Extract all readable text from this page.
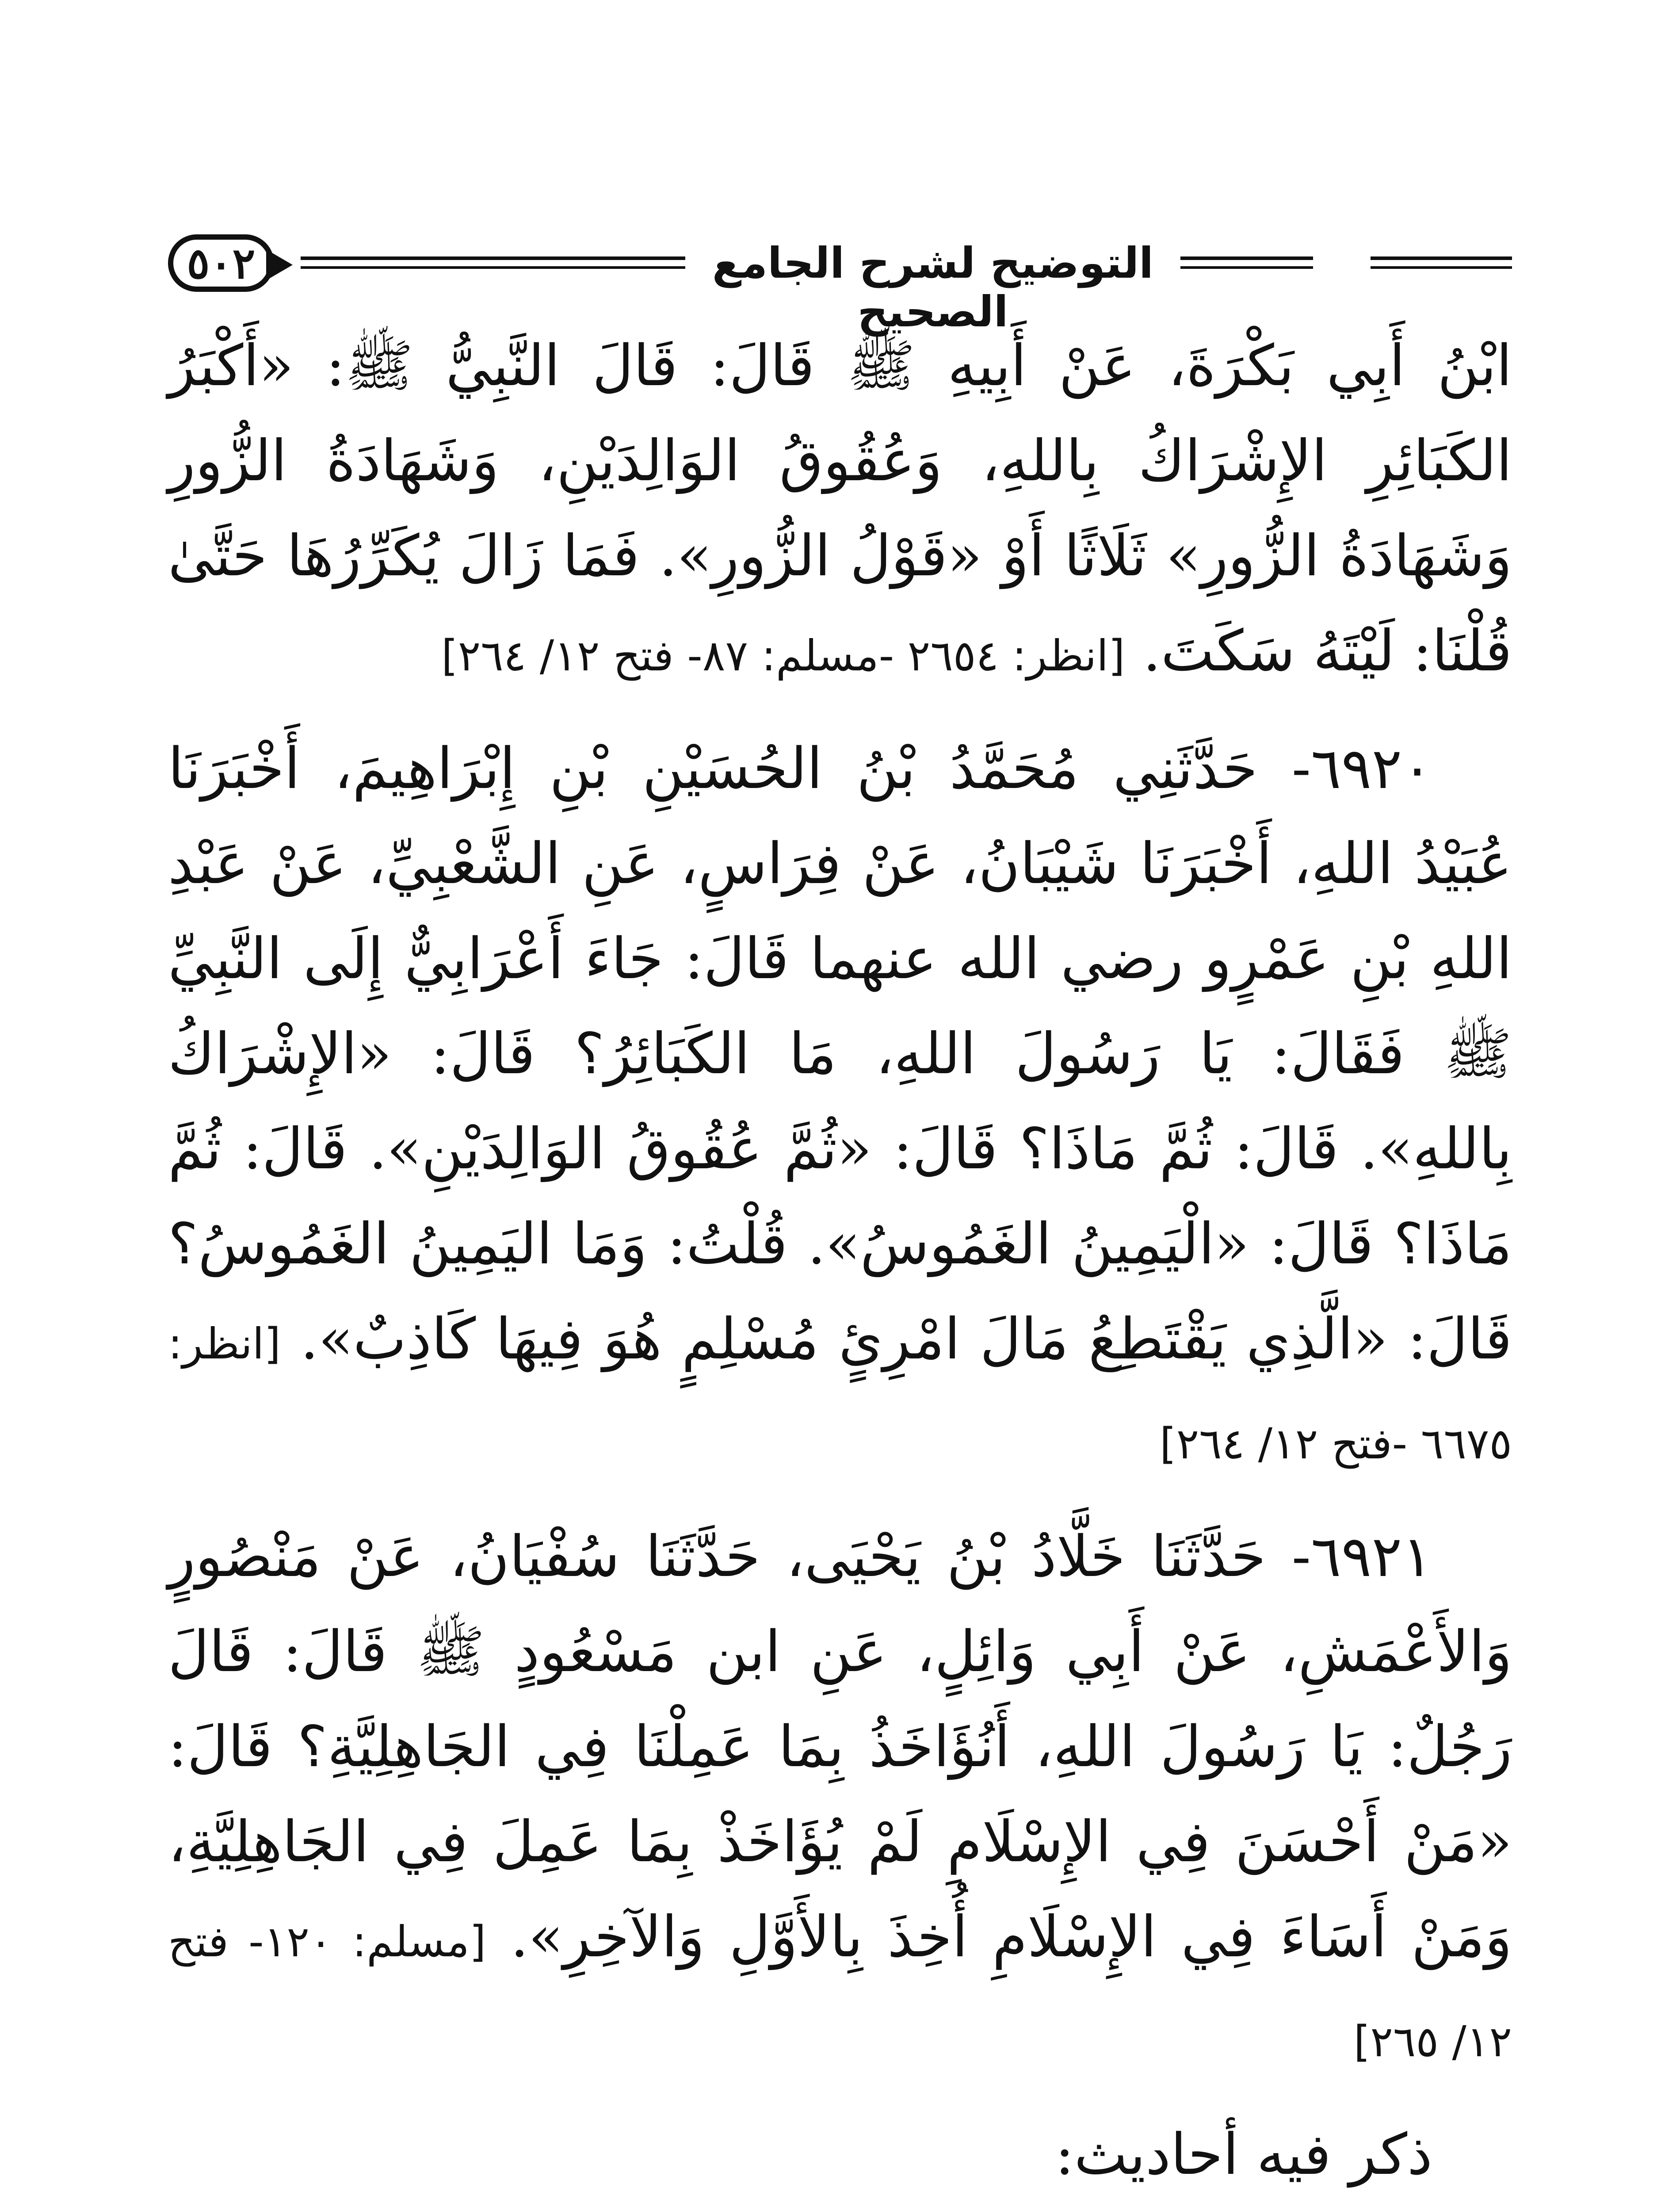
التوضيح لشرح الجامع الصحيح
٥٠٢

ابْنُ أَبِي بَكْرَةَ، عَنْ أَبِيهِ ﷺ قَالَ: قَالَ النَّبِيُّ ﷺ: «أَكْبَرُ الكَبَائِرِ الإِشْرَاكُ بِاللهِ، وَعُقُوقُ الوَالِدَيْنِ، وَشَهَادَةُ الزُّورِ وَشَهَادَةُ الزُّورِ» ثَلَاثًا أَوْ «قَوْلُ الزُّورِ». فَمَا زَالَ يُكَرِّرُهَا حَتَّىٰ قُلْنَا: لَيْتَهُ سَكَتَ. [انظر: ٢٦٥٤ -مسلم: ٨٧- فتح ١٢/ ٢٦٤]

٦٩٢٠- حَدَّثَنِي مُحَمَّدُ بْنُ الحُسَيْنِ بْنِ إِبْرَاهِيمَ، أَخْبَرَنَا عُبَيْدُ اللهِ، أَخْبَرَنَا شَيْبَانُ، عَنْ فِرَاسٍ، عَنِ الشَّعْبِيِّ، عَنْ عَبْدِ اللهِ بْنِ عَمْرٍو رضي الله عنهما قَالَ: جَاءَ أَعْرَابِيٌّ إِلَى النَّبِيِّ ﷺ فَقَالَ: يَا رَسُولَ اللهِ، مَا الكَبَائِرُ؟ قَالَ: «الإِشْرَاكُ بِاللهِ». قَالَ: ثُمَّ مَاذَا؟ قَالَ: «ثُمَّ عُقُوقُ الوَالِدَيْنِ». قَالَ: ثُمَّ مَاذَا؟ قَالَ: «الْيَمِينُ الغَمُوسُ». قُلْتُ: وَمَا اليَمِينُ الغَمُوسُ؟ قَالَ: «الَّذِي يَقْتَطِعُ مَالَ امْرِئٍ مُسْلِمٍ هُوَ فِيهَا كَاذِبٌ». [انظر: ٦٦٧٥ -فتح ١٢/ ٢٦٤]

٦٩٢١- حَدَّثَنَا خَلَّادُ بْنُ يَحْيَى، حَدَّثَنَا سُفْيَانُ، عَنْ مَنْصُورٍ وَالأَعْمَشِ، عَنْ أَبِي وَائِلٍ، عَنِ ابن مَسْعُودٍ ﷺ قَالَ: قَالَ رَجُلٌ: يَا رَسُولَ اللهِ، أَنُؤَاخَذُ بِمَا عَمِلْنَا فِي الجَاهِلِيَّةِ؟ قَالَ: «مَنْ أَحْسَنَ فِي الإِسْلَامِ لَمْ يُؤَاخَذْ بِمَا عَمِلَ فِي الجَاهِلِيَّةِ، وَمَنْ أَسَاءَ فِي الإِسْلَامِ أُخِذَ بِالأَوَّلِ وَالآخِرِ». [مسلم: ١٢٠- فتح ١٢/ ٢٦٥]

ذكر فيه أحاديث:
